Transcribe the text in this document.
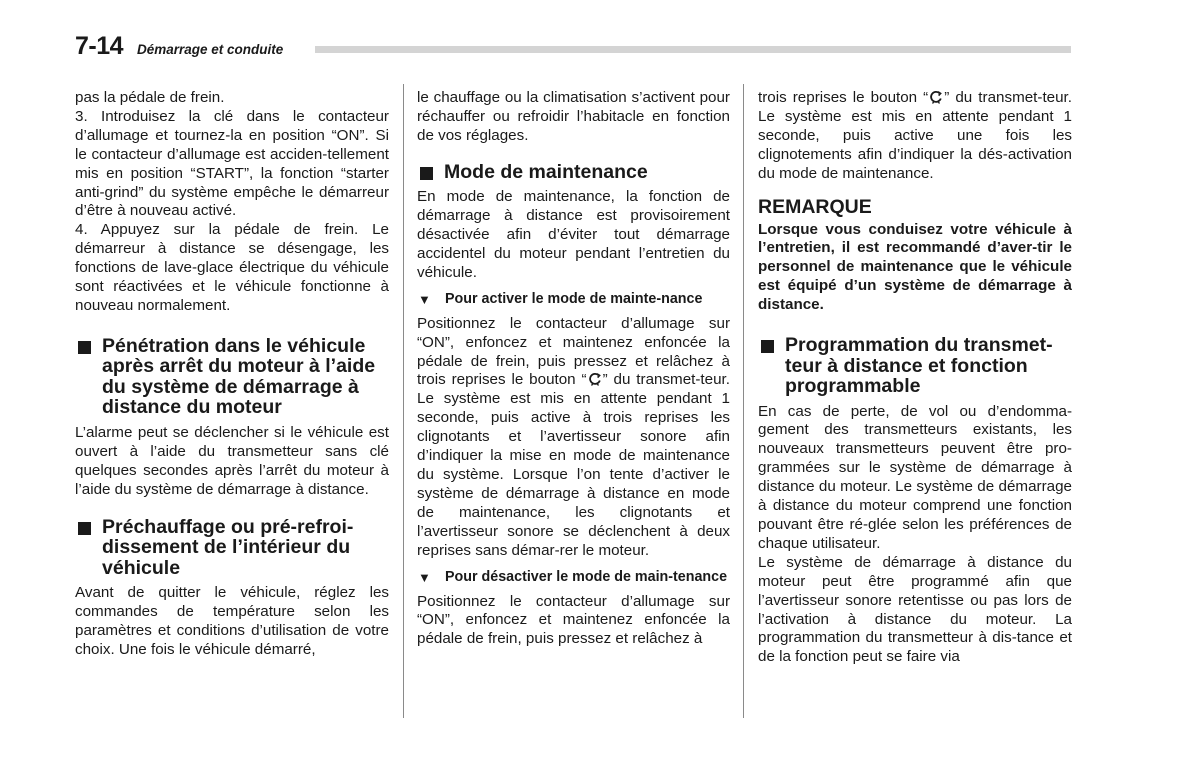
7-14 Démarrage et conduite

pas la pédale de frein.

3. Introduisez la clé dans le contacteur d’allumage et tournez-la en position “ON”. Si le contacteur d’allumage est acciden-tellement mis en position “START”, la fonction “starter anti-grind” du système empêche le démarreur d’être à nouveau activé.

4. Appuyez sur la pédale de frein. Le démarreur à distance se désengage, les fonctions de lave-glace électrique du véhicule sont réactivées et le véhicule fonctionne à nouveau normalement.

Pénétration dans le véhicule après arrêt du moteur à l’aide du système de démarrage à distance du moteur

L’alarme peut se déclencher si le véhicule est ouvert à l’aide du transmetteur sans clé quelques secondes après l’arrêt du moteur à l’aide du système de démarrage à distance.

Préchauffage ou pré-refroi-dissement de l’intérieur du véhicule

Avant de quitter le véhicule, réglez les commandes de température selon les paramètres et conditions d’utilisation de votre choix. Une fois le véhicule démarré,

le chauffage ou la climatisation s’activent pour réchauffer ou refroidir l’habitacle en fonction de vos réglages.

Mode de maintenance

En mode de maintenance, la fonction de démarrage à distance est provisoirement désactivée afin d’éviter tout démarrage accidentel du moteur pendant l’entretien du véhicule.

▼ Pour activer le mode de mainte-nance

Positionnez le contacteur d’allumage sur “ON”, enfoncez et maintenez enfoncée la pédale de frein, puis pressez et relâchez à trois reprises le bouton “ ” du transmet-teur. Le système est mis en attente pendant 1 seconde, puis active à trois reprises les clignotants et l’avertisseur sonore afin d’indiquer la mise en mode de maintenance du système. Lorsque l’on tente d’activer le système de démarrage à distance en mode de maintenance, les clignotants et l’avertisseur sonore se déclenchent à deux reprises sans démar-rer le moteur.

▼ Pour désactiver le mode de main-tenance

Positionnez le contacteur d’allumage sur “ON”, enfoncez et maintenez enfoncée la pédale de frein, puis pressez et relâchez à

trois reprises le bouton “ ” du transmet-teur. Le système est mis en attente pendant 1 seconde, puis active une fois les clignotements afin d’indiquer la dés-activation du mode de maintenance.

REMARQUE

Lorsque vous conduisez votre véhicule à l’entretien, il est recommandé d’aver-tir le personnel de maintenance que le véhicule est équipé d’un système de démarrage à distance.

Programmation du transmet-teur à distance et fonction programmable

En cas de perte, de vol ou d’endomma-gement des transmetteurs existants, les nouveaux transmetteurs peuvent être pro-grammées sur le système de démarrage à distance du moteur. Le système de démarrage à distance du moteur comprend une fonction pouvant être ré-glée selon les préférences de chaque utilisateur.

Le système de démarrage à distance du moteur peut être programmé afin que l’avertisseur sonore retentisse ou pas lors de l’activation à distance du moteur. La programmation du transmetteur à dis-tance et de la fonction peut se faire via
